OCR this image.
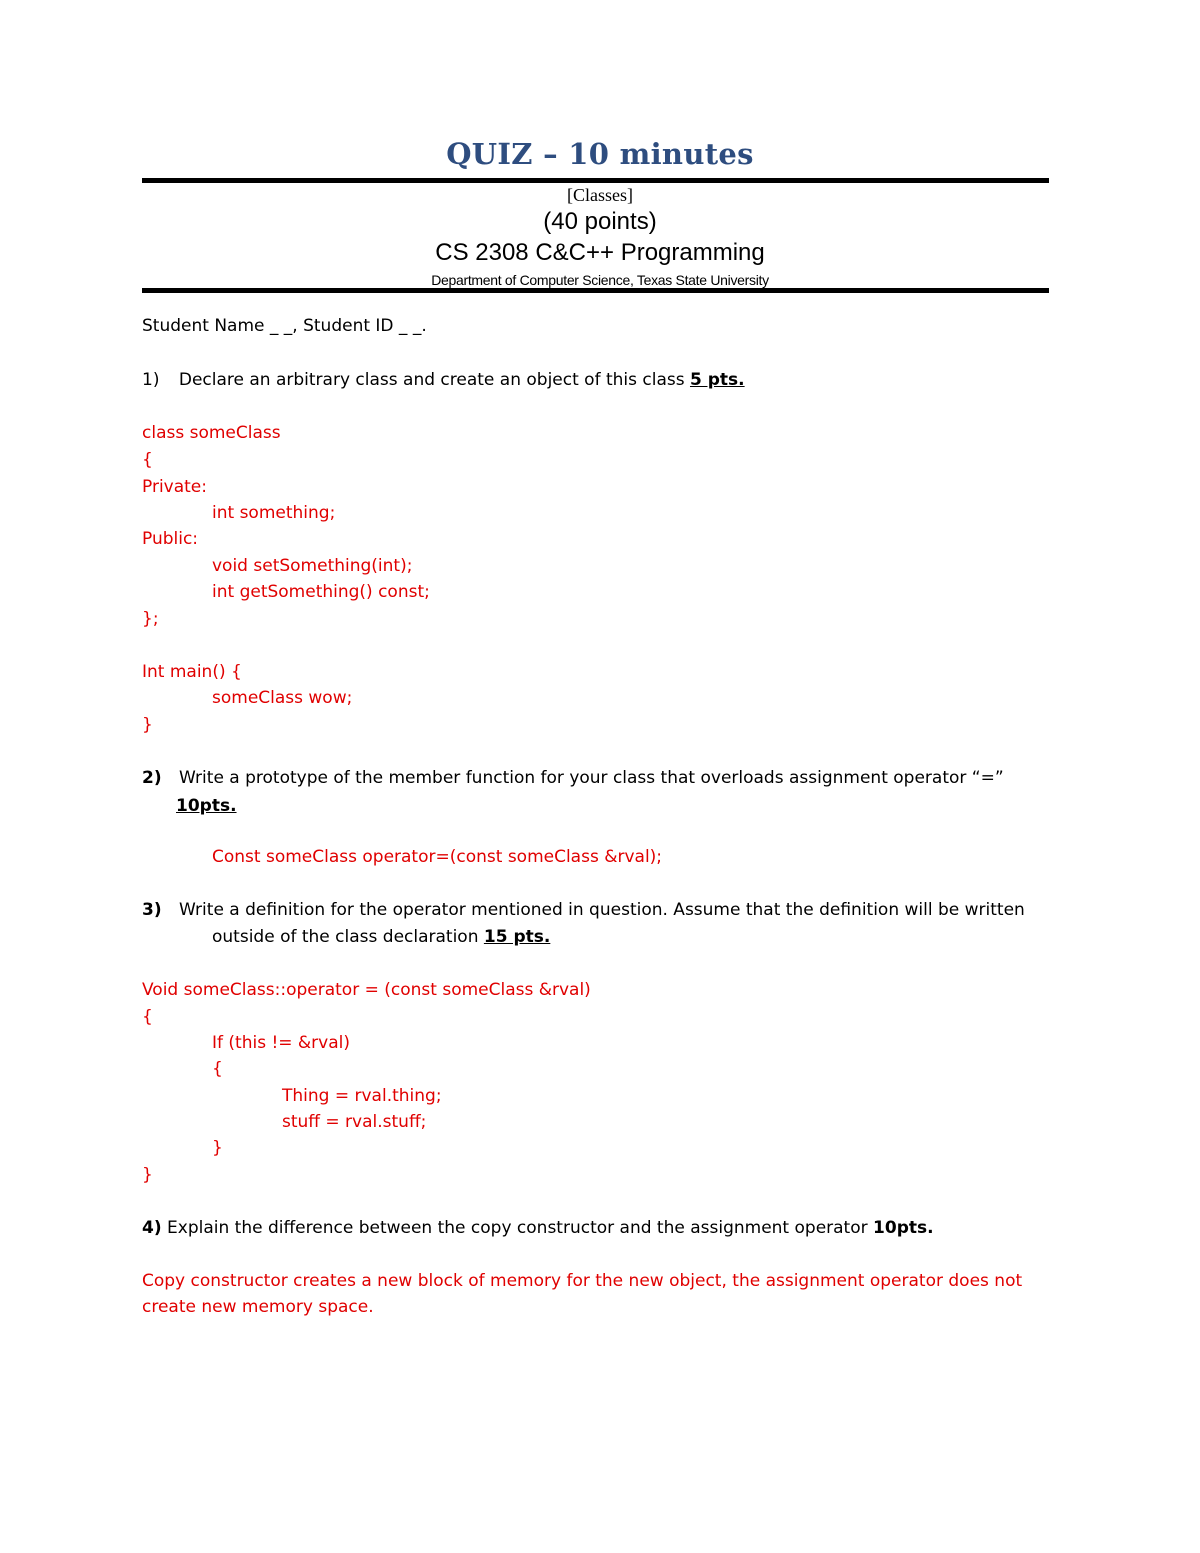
QUIZ – 10 minutes
[Classes]
(40 points)
CS 2308 C&C++ Programming
Department of Computer Science, Texas State University
Student Name _ _, Student ID _ _.
1) Declare an arbitrary class and create an object of this class 5 pts.
class someClass
{
Private:
int something;
Public:
void setSomething(int);
int getSomething() const;
};
Int main() {
someClass wow;
}
2) Write a prototype of the member function for your class that overloads assignment operator “=”
10pts.
Const someClass operator=(const someClass &rval);
3) Write a definition for the operator mentioned in question. Assume that the definition will be written
outside of the class declaration 15 pts.
Void someClass::operator = (const someClass &rval)
{
If (this != &rval)
{
Thing = rval.thing;
stuff = rval.stuff;
}
}
4) Explain the difference between the copy constructor and the assignment operator 10pts.
Copy constructor creates a new block of memory for the new object, the assignment operator does not
create new memory space.
